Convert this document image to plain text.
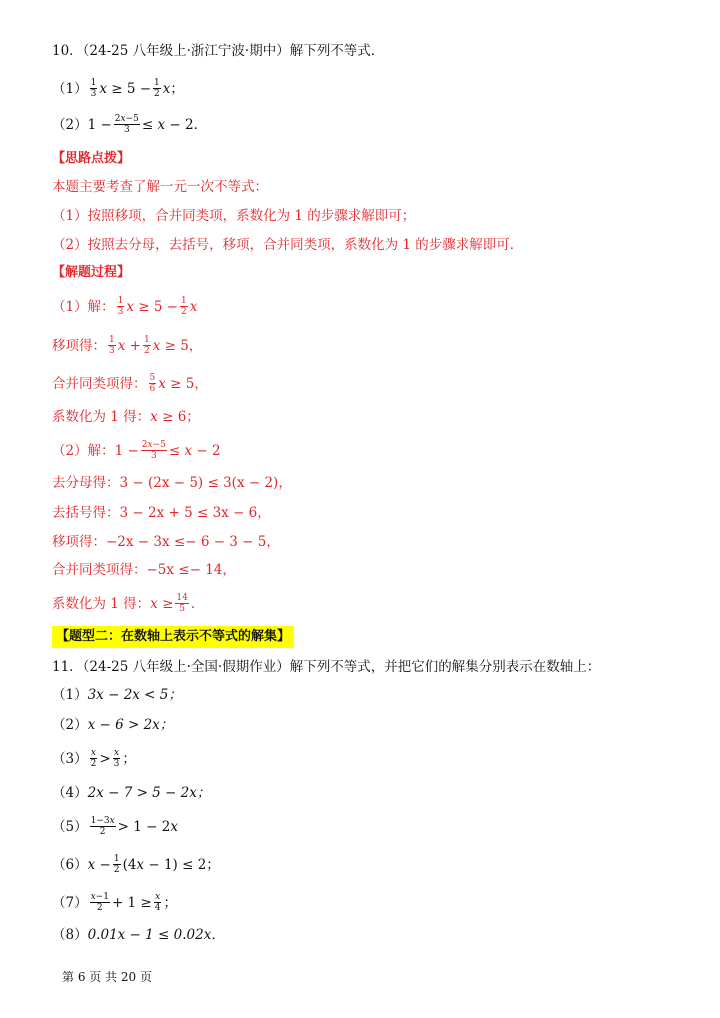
10．（24-25 八年级上·浙江宁波·期中）解下列不等式．
$(1) \frac{1}{3}$ $x \ge 5 - \frac{1}{2}$ x ；
（2） $1 - \frac{2x-5}{3} \le x - 2$ ．
【思路点拨】
本题主要考查了解一元一次不等式：
（1）按照移项，合并同类项，系数化为 1 的步骤求解即可；
（2）按照去分母，去括号，移项，合并同类项，系数化为 1 的步骤求解即可．
【解题过程】
（1）解： $\frac{1}{3}$ $x \ge 5 - \frac{1}{2}$ x
移项得： $\frac{1}{3}$ $x + \frac{1}{2}$ x ≥ 5，
合并同类项得： $\frac{5}{6}$ x ≥ 5，
系数化为 1 得： x ≥ 6；
（2）解： $1 - \frac{2x-5}{3} \le x - 2$
去分母得： 3 − (2x − 5) ≤ 3(x − 2)，
去括号得： 3 − 2x + 5 ≤ 3x − 6，
移项得： −2x − 3x ≤− 6 − 3 − 5，
合并同类项得： −5x ≤− 14，
系数化为 1 得： $x \ge \frac{14}{5}$ ．
【题型二：在数轴上表示不等式的解集】
11．（24-25 八年级上·全国·假期作业）解下列不等式，并把它们的解集分别表示在数轴上：
（1） 3x − 2x < 5；
（2） x − 6 > 2x；
$(3) \frac{x}{2} > \frac{x}{3}$ ；
（4） 2x − 7 > 5 − 2x；
$(5) \frac{1-3x}{2} > 1 - 2$ x
（6） $x - \frac{1}{2} (4$ x − 1) ≤ 2；
$(7) \frac{x-1}{2} + 1 \ge \frac{x}{4}$ ；
（8） 0.01x − 1 ≤ 0.02x．
第 6 页 共 20 页
